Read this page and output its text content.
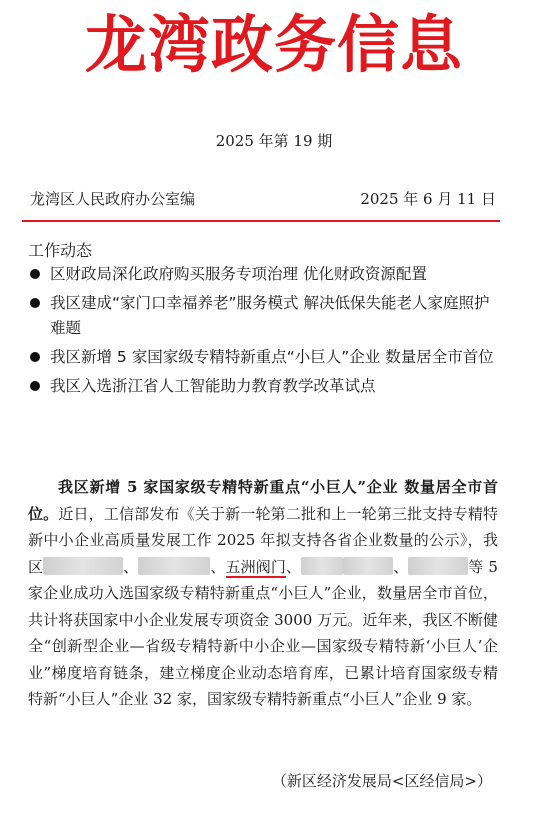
龙湾政务信息
2025 年第 19 期
龙湾区人民政府办公室编	2025 年 6 月 11 日
工作动态
区财政局深化政府购买服务专项治理 优化财政资源配置
我区建成“家门口幸福养老”服务模式 解决低保失能老人家庭照护难题
我区新增 5 家国家级专精特新重点“小巨人”企业 数量居全市首位
我区入选浙江省人工智能助力教育教学改革试点

我区新增 5 家国家级专精特新重点“小巨人”企业 数量居全市首位。近日，工信部发布《关于新一轮第二批和上一轮第三批支持专精特新中小企业高质量发展工作 2025 年拟支持各省企业数量的公示》，我区	、	、五洲阀门、	、	等 5 家企业成功入选国家级专精特新重点“小巨人”企业，数量居全市首位，共计将获国家中小企业发展专项资金 3000 万元。近年来，我区不断健全“创新型企业—省级专精特新中小企业—国家级专精特新‘小巨人’企业”梯度培育链条，建立梯度企业动态培育库，已累计培育国家级专精特新“小巨人”企业 32 家，国家级专精特新重点“小巨人”企业 9 家。

（新区经济发展局<区经信局>）
